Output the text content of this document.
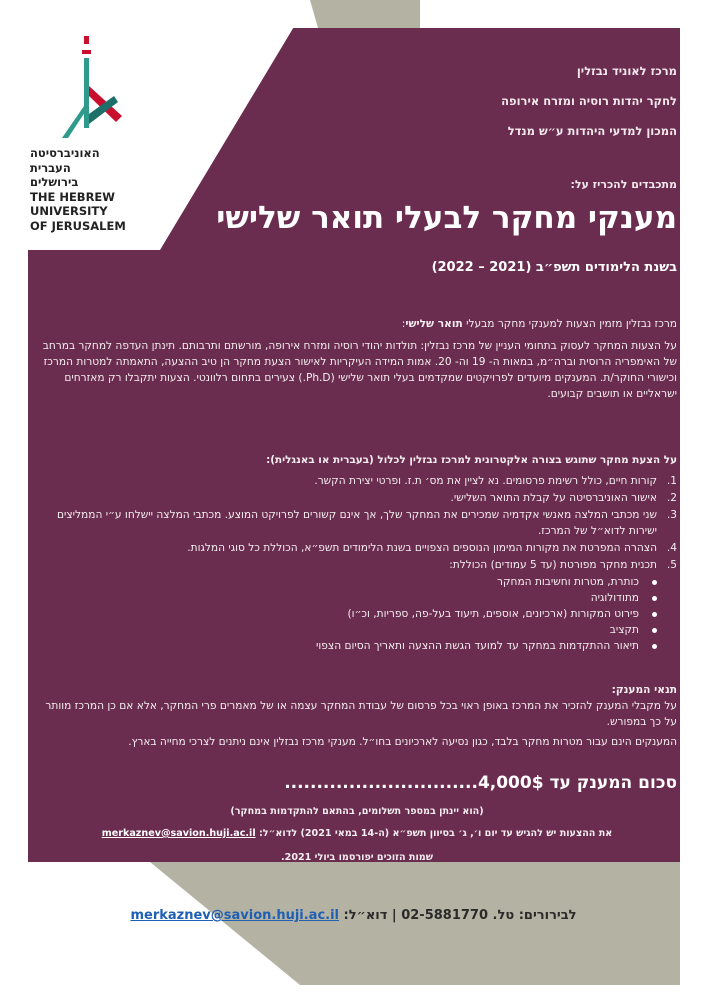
האוניברסיטה
העברית
בירושלים
THE HEBREW
UNIVERSITY
OF JERUSALEM
מרכז לאוניד נבזלין
לחקר יהדות רוסיה ומזרח אירופה
המכון למדעי היהדות ע״ש מנדל
מתכבדים להכריז על:
מענקי מחקר לבעלי תואר שלישי
בשנת הלימודים תשפ״ב (2021 – 2022)
מרכז נבזלין מזמין הצעות למענקי מחקר מבעלי תואר שלישי:
על הצעות המחקר לעסוק בתחומי העניין של מרכז נבזלין: תולדות יהודי רוסיה ומזרח אירופה, מורשתם ותרבותם. תינתן העדפה למחקר במרחב של האימפריה הרוסית וברה״מ, במאות ה- 19 וה- 20. אמות המידה העיקריות לאישור הצעת מחקר הן טיב ההצעה, התאמתה למטרות המרכז וכישורי החוקר/ת. המענקים מיועדים לפרויקטים שמקדמים בעלי תואר שלישי (Ph.D.) צעירים בתחום רלוונטי. הצעות יתקבלו רק מאזרחים ישראליים או תושבים קבועים.
על הצעת מחקר שתוגש בצורה אלקטרונית למרכז נבזלין לכלול (בעברית או באנגלית):
1.
קורות חיים, כולל רשימת פרסומים. נא לציין את מס׳ ת.ז. ופרטי יצירת הקשר.
2.
אישור האוניברסיטה על קבלת התואר השלישי.
3.
שני מכתבי המלצה מאנשי אקדמיה שמכירים את המחקר שלך, אך אינם קשורים לפרויקט המוצע. מכתבי המלצה יישלחו ע״י הממליצים ישירות לדוא״ל של המרכז.
4.
הצהרה המפרטת את מקורות המימון הנוספים הצפויים בשנת הלימודים תשפ״א, הכוללת כל סוגי המלגות.
5.
תכנית מחקר מפורטת (עד 5 עמודים) הכוללת:
כותרת, מטרות וחשיבות המחקר
מתודולוגיה
פירוט המקורות (ארכיונים, אוספים, תיעוד בעל-פה, ספריות, וכ״ו)
תקציב
תיאור ההתקדמות במחקר עד למועד הגשת ההצעה ותאריך הסיום הצפוי
תנאי המענק:
על מקבלי המענק להזכיר את המרכז באופן ראוי בכל פרסום של עבודת המחקר עצמה או של מאמרים פרי המחקר, אלא אם כן המרכז מוותר על כך במפורש.
המענקים הינם עבור מטרות מחקר בלבד, כגון נסיעה לארכיונים בחו״ל. מענקי מרכז נבזלין אינם ניתנים לצרכי מחייה בארץ.
סכום המענק עד 4,000$..............................
(הוא יינתן במספר תשלומים, בהתאם להתקדמות במחקר)
את ההצעות יש להגיש עד יום ו׳, ג׳ בסיוון תשפ״א (ה-14 במאי 2021) לדוא״ל: merkaznev@savion.huji.ac.il
שמות הזוכים יפורסמו ביולי 2021.
לבירורים: טל. 02-5881770 | דוא״ל: merkaznev@savion.huji.ac.il
